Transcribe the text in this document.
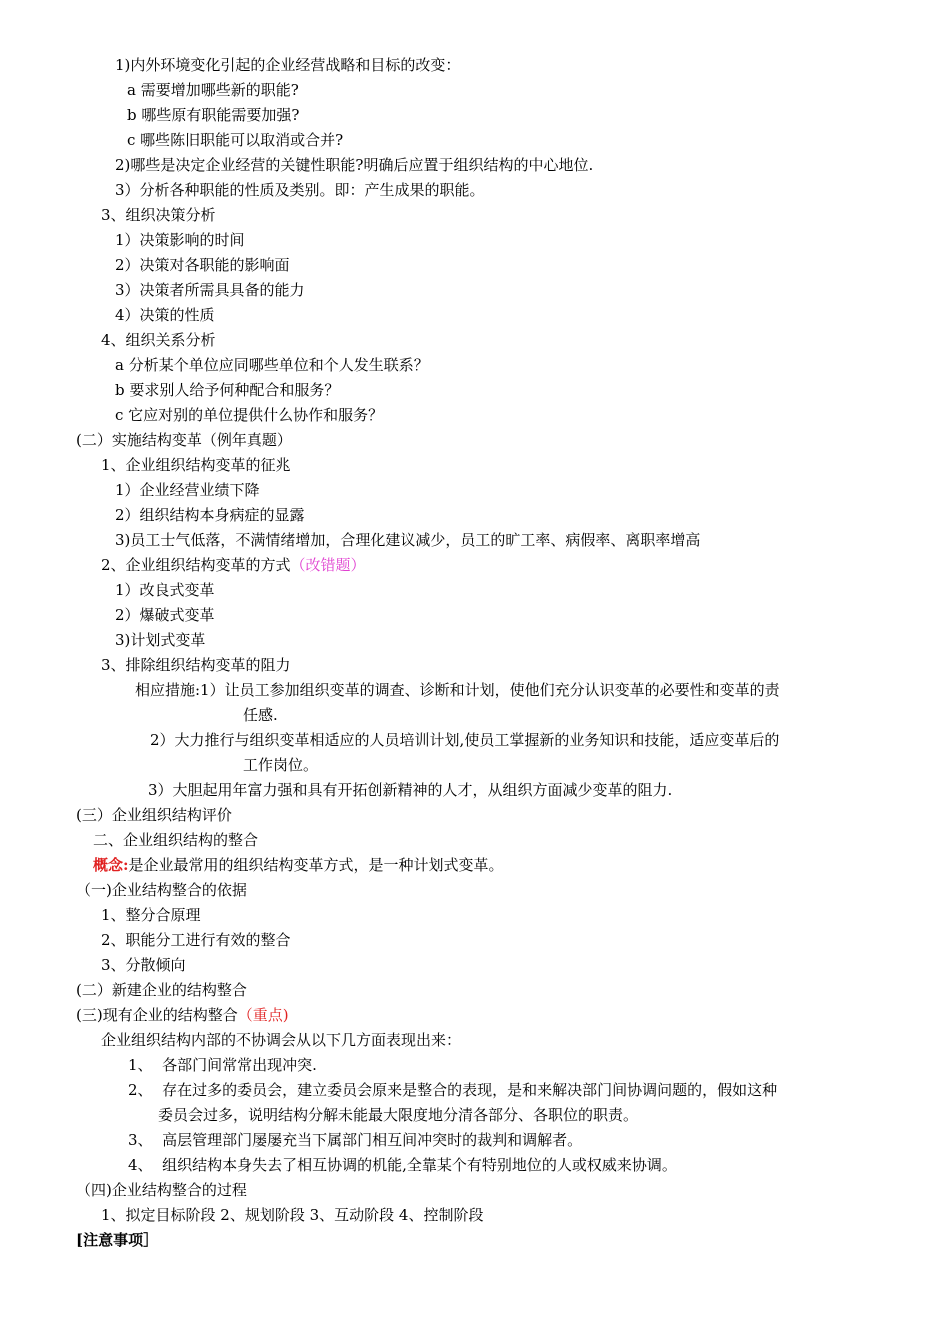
1)内外环境变化引起的企业经营战略和目标的改变：
a 需要增加哪些新的职能?
b 哪些原有职能需要加强?
c 哪些陈旧职能可以取消或合并?
2)哪些是决定企业经营的关键性职能?明确后应置于组织结构的中心地位.
3）分析各种职能的性质及类别。即：产生成果的职能。
3、组织决策分析
1）决策影响的时间
2）决策对各职能的影响面
3）决策者所需具具备的能力
4）决策的性质
4、组织关系分析
a 分析某个单位应同哪些单位和个人发生联系？
b 要求别人给予何种配合和服务？
c 它应对别的单位提供什么协作和服务？
(二）实施结构变革（例年真题）
1、企业组织结构变革的征兆
1）企业经营业绩下降
2）组织结构本身病症的显露
3)员工士气低落，不满情绪增加，合理化建议减少，员工的旷工率、病假率、离职率增高
2、企业组织结构变革的方式（改错题）
1）改良式变革
2）爆破式变革
3)计划式变革
3、排除组织结构变革的阻力
相应措施:1）让员工参加组织变革的调查、诊断和计划，使他们充分认识变革的必要性和变革的责
任感.
2）大力推行与组织变革相适应的人员培训计划,使员工掌握新的业务知识和技能，适应变革后的
工作岗位。
3）大胆起用年富力强和具有开拓创新精神的人才，从组织方面减少变革的阻力.
(三）企业组织结构评价
二、企业组织结构的整合
概念:是企业最常用的组织结构变革方式，是一种计划式变革。
（一)企业结构整合的依据
1、整分合原理
2、职能分工进行有效的整合
3、分散倾向
(二）新建企业的结构整合
(三)现有企业的结构整合（重点)
企业组织结构内部的不协调会从以下几方面表现出来：
1、  各部门间常常出现冲突.
2、  存在过多的委员会，建立委员会原来是整合的表现，是和来解决部门间协调问题的，假如这种
委员会过多，说明结构分解未能最大限度地分清各部分、各职位的职责。
3、  高层管理部门屡屡充当下属部门相互间冲突时的裁判和调解者。
4、  组织结构本身失去了相互协调的机能,全靠某个有特别地位的人或权威来协调。
（四)企业结构整合的过程
1、拟定目标阶段 2、规划阶段 3、互动阶段 4、控制阶段
[注意事项］
